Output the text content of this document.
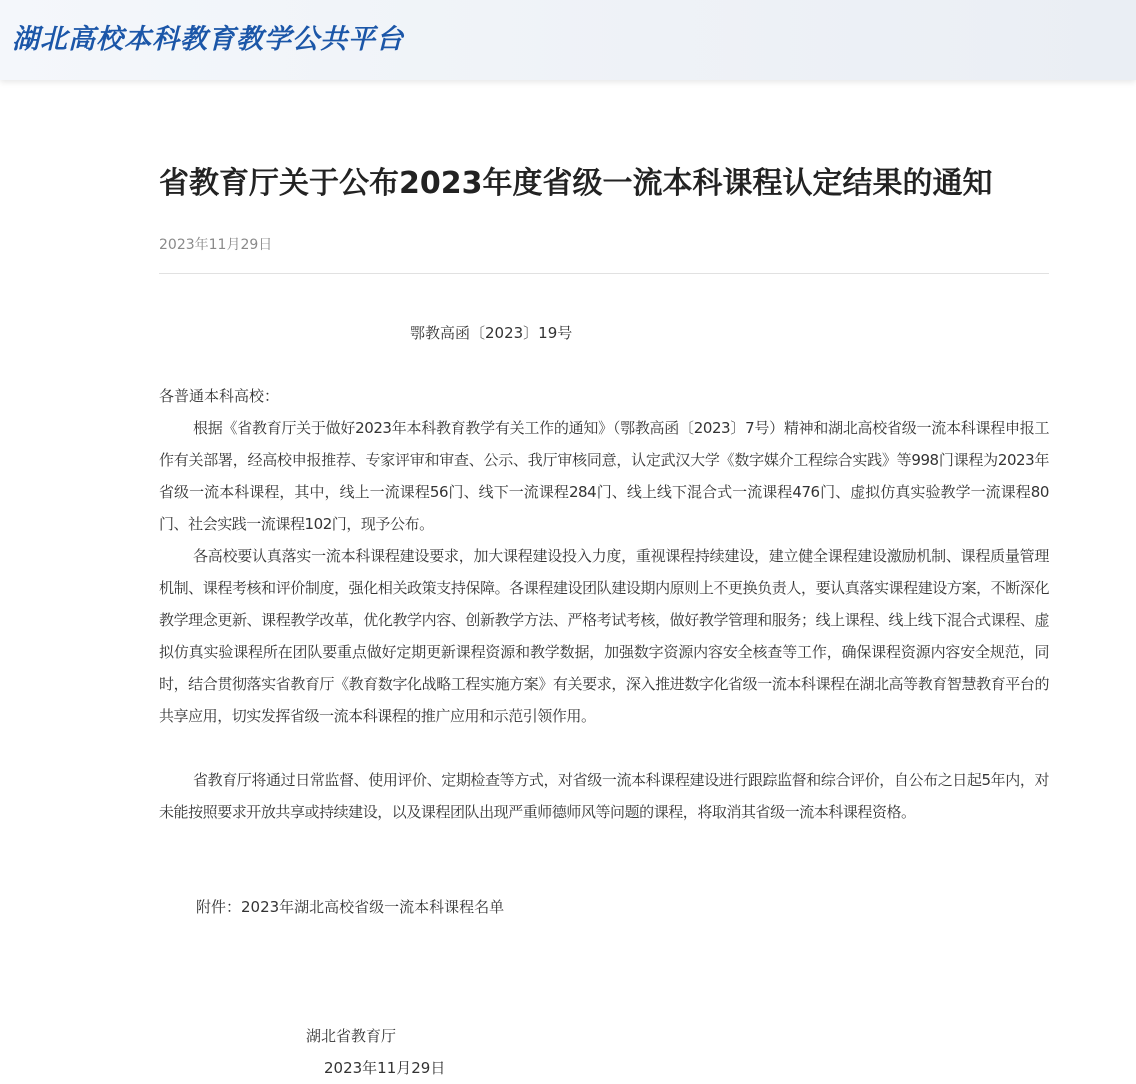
湖北高校本科教育教学公共平台
省教育厅关于公布2023年度省级一流本科课程认定结果的通知
2023年11月29日
鄂教高函〔2023〕19号
各普通本科高校：

根据《省教育厅关于做好2023年本科教育教学有关工作的通知》（鄂教高函〔2023〕7号）精神和湖北高校省级一流本科课程申报工作有关部署，经高校申报推荐、专家评审和审查、公示、我厅审核同意，认定武汉大学《数字媒介工程综合实践》等998门课程为2023年省级一流本科课程，其中，线上一流课程56门、线下一流课程284门、线上线下混合式一流课程476门、虚拟仿真实验教学一流课程80门、社会实践一流课程102门，现予公布。

各高校要认真落实一流本科课程建设要求，加大课程建设投入力度，重视课程持续建设，建立健全课程建设激励机制、课程质量管理机制、课程考核和评价制度，强化相关政策支持保障。各课程建设团队建设期内原则上不更换负责人，要认真落实课程建设方案，不断深化教学理念更新、课程教学改革，优化教学内容、创新教学方法、严格考试考核，做好教学管理和服务；线上课程、线上线下混合式课程、虚拟仿真实验课程所在团队要重点做好定期更新课程资源和教学数据，加强数字资源内容安全核查等工作，确保课程资源内容安全规范，同时，结合贯彻落实省教育厅《教育数字化战略工程实施方案》有关要求，深入推进数字化省级一流本科课程在湖北高等教育智慧教育平台的共享应用，切实发挥省级一流本科课程的推广应用和示范引领作用。

省教育厅将通过日常监督、使用评价、定期检查等方式，对省级一流本科课程建设进行跟踪监督和综合评价，自公布之日起5年内，对未能按照要求开放共享或持续建设，以及课程团队出现严重师德师风等问题的课程，将取消其省级一流本科课程资格。

附件：2023年湖北高校省级一流本科课程名单
湖北省教育厅
2023年11月29日
